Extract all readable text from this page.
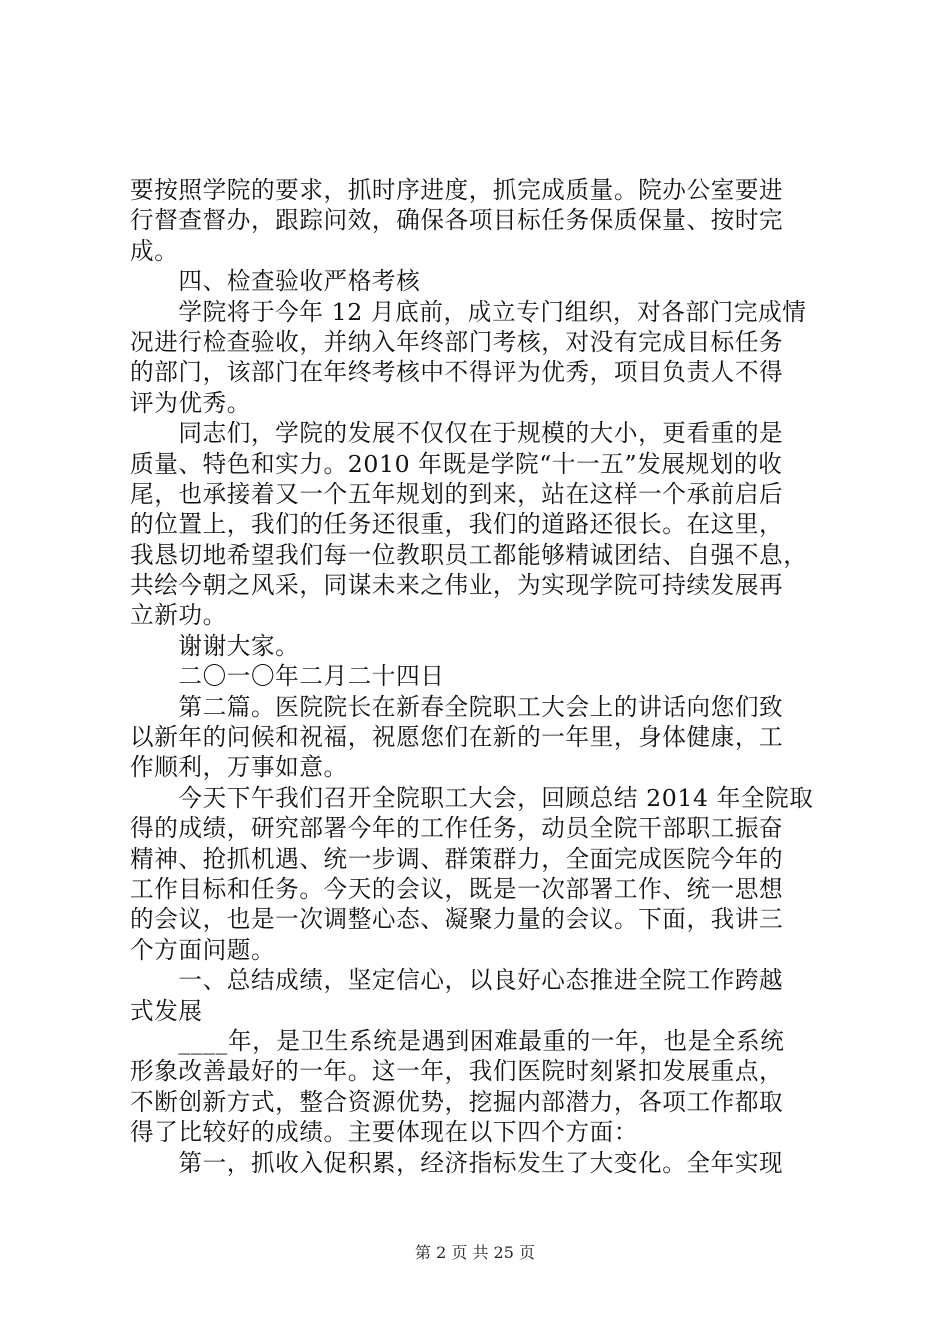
要按照学院的要求，抓时序进度，抓完成质量。院办公室要进
行督查督办，跟踪问效，确保各项目标任务保质保量、按时完
成。
　　四、检查验收严格考核
　　学院将于今年 12 月底前，成立专门组织，对各部门完成情
况进行检查验收，并纳入年终部门考核，对没有完成目标任务
的部门，该部门在年终考核中不得评为优秀，项目负责人不得
评为优秀。
　　同志们，学院的发展不仅仅在于规模的大小，更看重的是
质量、特色和实力。2010 年既是学院“十一五”发展规划的收
尾，也承接着又一个五年规划的到来，站在这样一个承前启后
的位置上，我们的任务还很重，我们的道路还很长。在这里，
我恳切地希望我们每一位教职员工都能够精诚团结、自强不息，
共绘今朝之风采，同谋未来之伟业，为实现学院可持续发展再
立新功。
　　谢谢大家。
　　二〇一〇年二月二十四日
　　第二篇。医院院长在新春全院职工大会上的讲话向您们致
以新年的问候和祝福，祝愿您们在新的一年里，身体健康，工
作顺利，万事如意。
　　今天下午我们召开全院职工大会，回顾总结 2014 年全院取
得的成绩，研究部署今年的工作任务，动员全院干部职工振奋
精神、抢抓机遇、统一步调、群策群力，全面完成医院今年的
工作目标和任务。今天的会议，既是一次部署工作、统一思想
的会议，也是一次调整心态、凝聚力量的会议。下面，我讲三
个方面问题。
　　一、总结成绩，坚定信心，以良好心态推进全院工作跨越
式发展
　　____年，是卫生系统是遇到困难最重的一年，也是全系统
形象改善最好的一年。这一年，我们医院时刻紧扣发展重点，
不断创新方式，整合资源优势，挖掘内部潜力，各项工作都取
得了比较好的成绩。主要体现在以下四个方面：
　　第一，抓收入促积累，经济指标发生了大变化。全年实现
第 2 页 共 25 页
